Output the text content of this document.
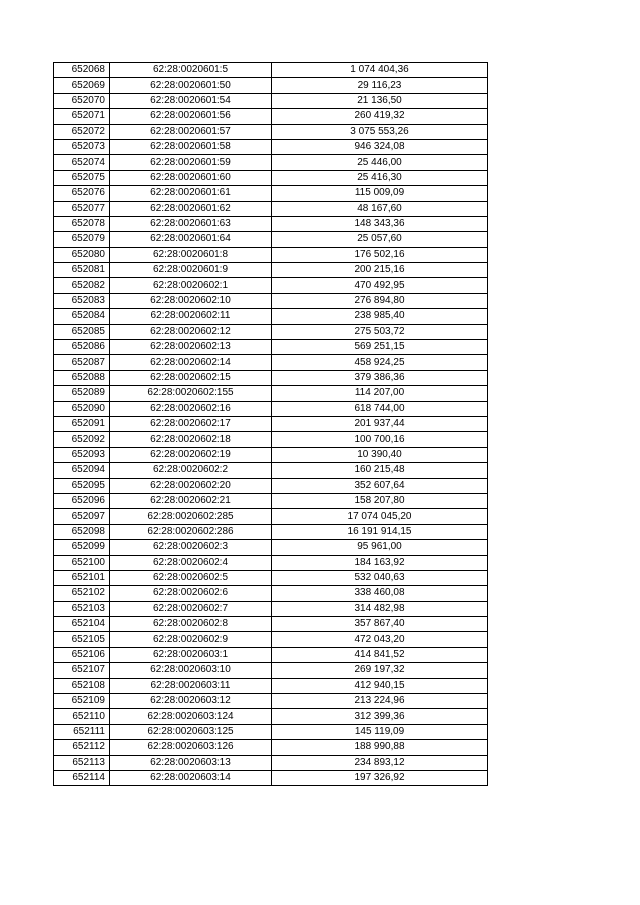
652068	62:28:0020601:5	1 074 404,36
652069	62:28:0020601:50	29 116,23
652070	62:28:0020601:54	21 136,50
652071	62:28:0020601:56	260 419,32
652072	62:28:0020601:57	3 075 553,26
652073	62:28:0020601:58	946 324,08
652074	62:28:0020601:59	25 446,00
652075	62:28:0020601:60	25 416,30
652076	62:28:0020601:61	115 009,09
652077	62:28:0020601:62	48 167,60
652078	62:28:0020601:63	148 343,36
652079	62:28:0020601:64	25 057,60
652080	62:28:0020601:8	176 502,16
652081	62:28:0020601:9	200 215,16
652082	62:28:0020602:1	470 492,95
652083	62:28:0020602:10	276 894,80
652084	62:28:0020602:11	238 985,40
652085	62:28:0020602:12	275 503,72
652086	62:28:0020602:13	569 251,15
652087	62:28:0020602:14	458 924,25
652088	62:28:0020602:15	379 386,36
652089	62:28:0020602:155	114 207,00
652090	62:28:0020602:16	618 744,00
652091	62:28:0020602:17	201 937,44
652092	62:28:0020602:18	100 700,16
652093	62:28:0020602:19	10 390,40
652094	62:28:0020602:2	160 215,48
652095	62:28:0020602:20	352 607,64
652096	62:28:0020602:21	158 207,80
652097	62:28:0020602:285	17 074 045,20
652098	62:28:0020602:286	16 191 914,15
652099	62:28:0020602:3	95 961,00
652100	62:28:0020602:4	184 163,92
652101	62:28:0020602:5	532 040,63
652102	62:28:0020602:6	338 460,08
652103	62:28:0020602:7	314 482,98
652104	62:28:0020602:8	357 867,40
652105	62:28:0020602:9	472 043,20
652106	62:28:0020603:1	414 841,52
652107	62:28:0020603:10	269 197,32
652108	62:28:0020603:11	412 940,15
652109	62:28:0020603:12	213 224,96
652110	62:28:0020603:124	312 399,36
652111	62:28:0020603:125	145 119,09
652112	62:28:0020603:126	188 990,88
652113	62:28:0020603:13	234 893,12
652114	62:28:0020603:14	197 326,92
